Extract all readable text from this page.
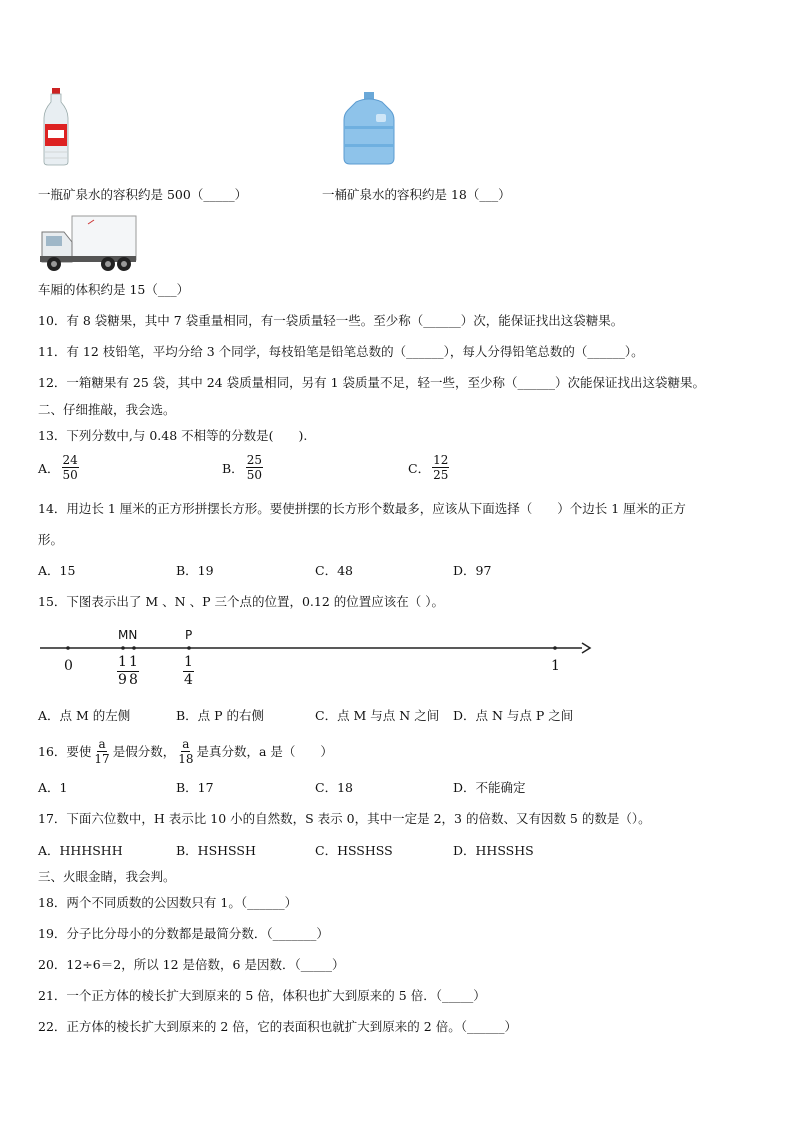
一瓶矿泉水的容积约是 500（_____）	一桶矿泉水的容积约是 18（___）
车厢的体积约是 15（___）
10．有 8 袋糖果，其中 7 袋重量相同，有一袋质量轻一些。至少称（______）次，能保证找出这袋糖果。
11．有 12 枝铅笔，平均分给 3 个同学，每枝铅笔是铅笔总数的（______），每人分得铅笔总数的（______）。
12．一箱糖果有 25 袋，其中 24 袋质量相同，另有 1 袋质量不足，轻一些，至少称（______）次能保证找出这袋糖果。
二、仔细推敲，我会选。
13．下列分数中,与 0.48 不相等的分数是(　　).
A． $\frac{24}{50}$	B． $\frac{25}{50}$	C． $\frac{12}{25}$
14．用边长 1 厘米的正方形拼摆长方形。要使拼摆的长方形个数最多，应该从下面选择（　　）个边长 1 厘米的正方
形。
A．15	B．19	C．48	D．97
15．下图表示出了 M 、N 、P 三个点的位置，0.12 的位置应该在（ ）。
MN	P
0	1
$\frac{1}{9} \frac{1}{8}$	$\frac{1}{4}$
A．点 M 的左侧	B．点 P 的右侧	C．点 M 与点 N 之间 D．点 N 与点 P 之间
16．要使 $\frac{a}{17}$ 是假分数， $\frac{a}{18}$ 是真分数，a 是（　　）
A．1	B．17	C．18	D．不能确定
17．下面六位数中，H 表示比 10 小的自然数，S 表示 0，其中一定是 2，3 的倍数、又有因数 5 的数是（）。
A．HHHSHH	B．HSHSSH	C．HSSHSS	D．HHSSHS
三、火眼金睛，我会判。
18．两个不同质数的公因数只有 1。（______）
19．分子比分母小的分数都是最简分数．（_______）
20．12÷6＝2，所以 12 是倍数，6 是因数．（_____）
21．一个正方体的棱长扩大到原来的 5 倍，体积也扩大到原来的 5 倍．（_____）
22．正方体的棱长扩大到原来的 2 倍，它的表面积也就扩大到原来的 2 倍。（______）
